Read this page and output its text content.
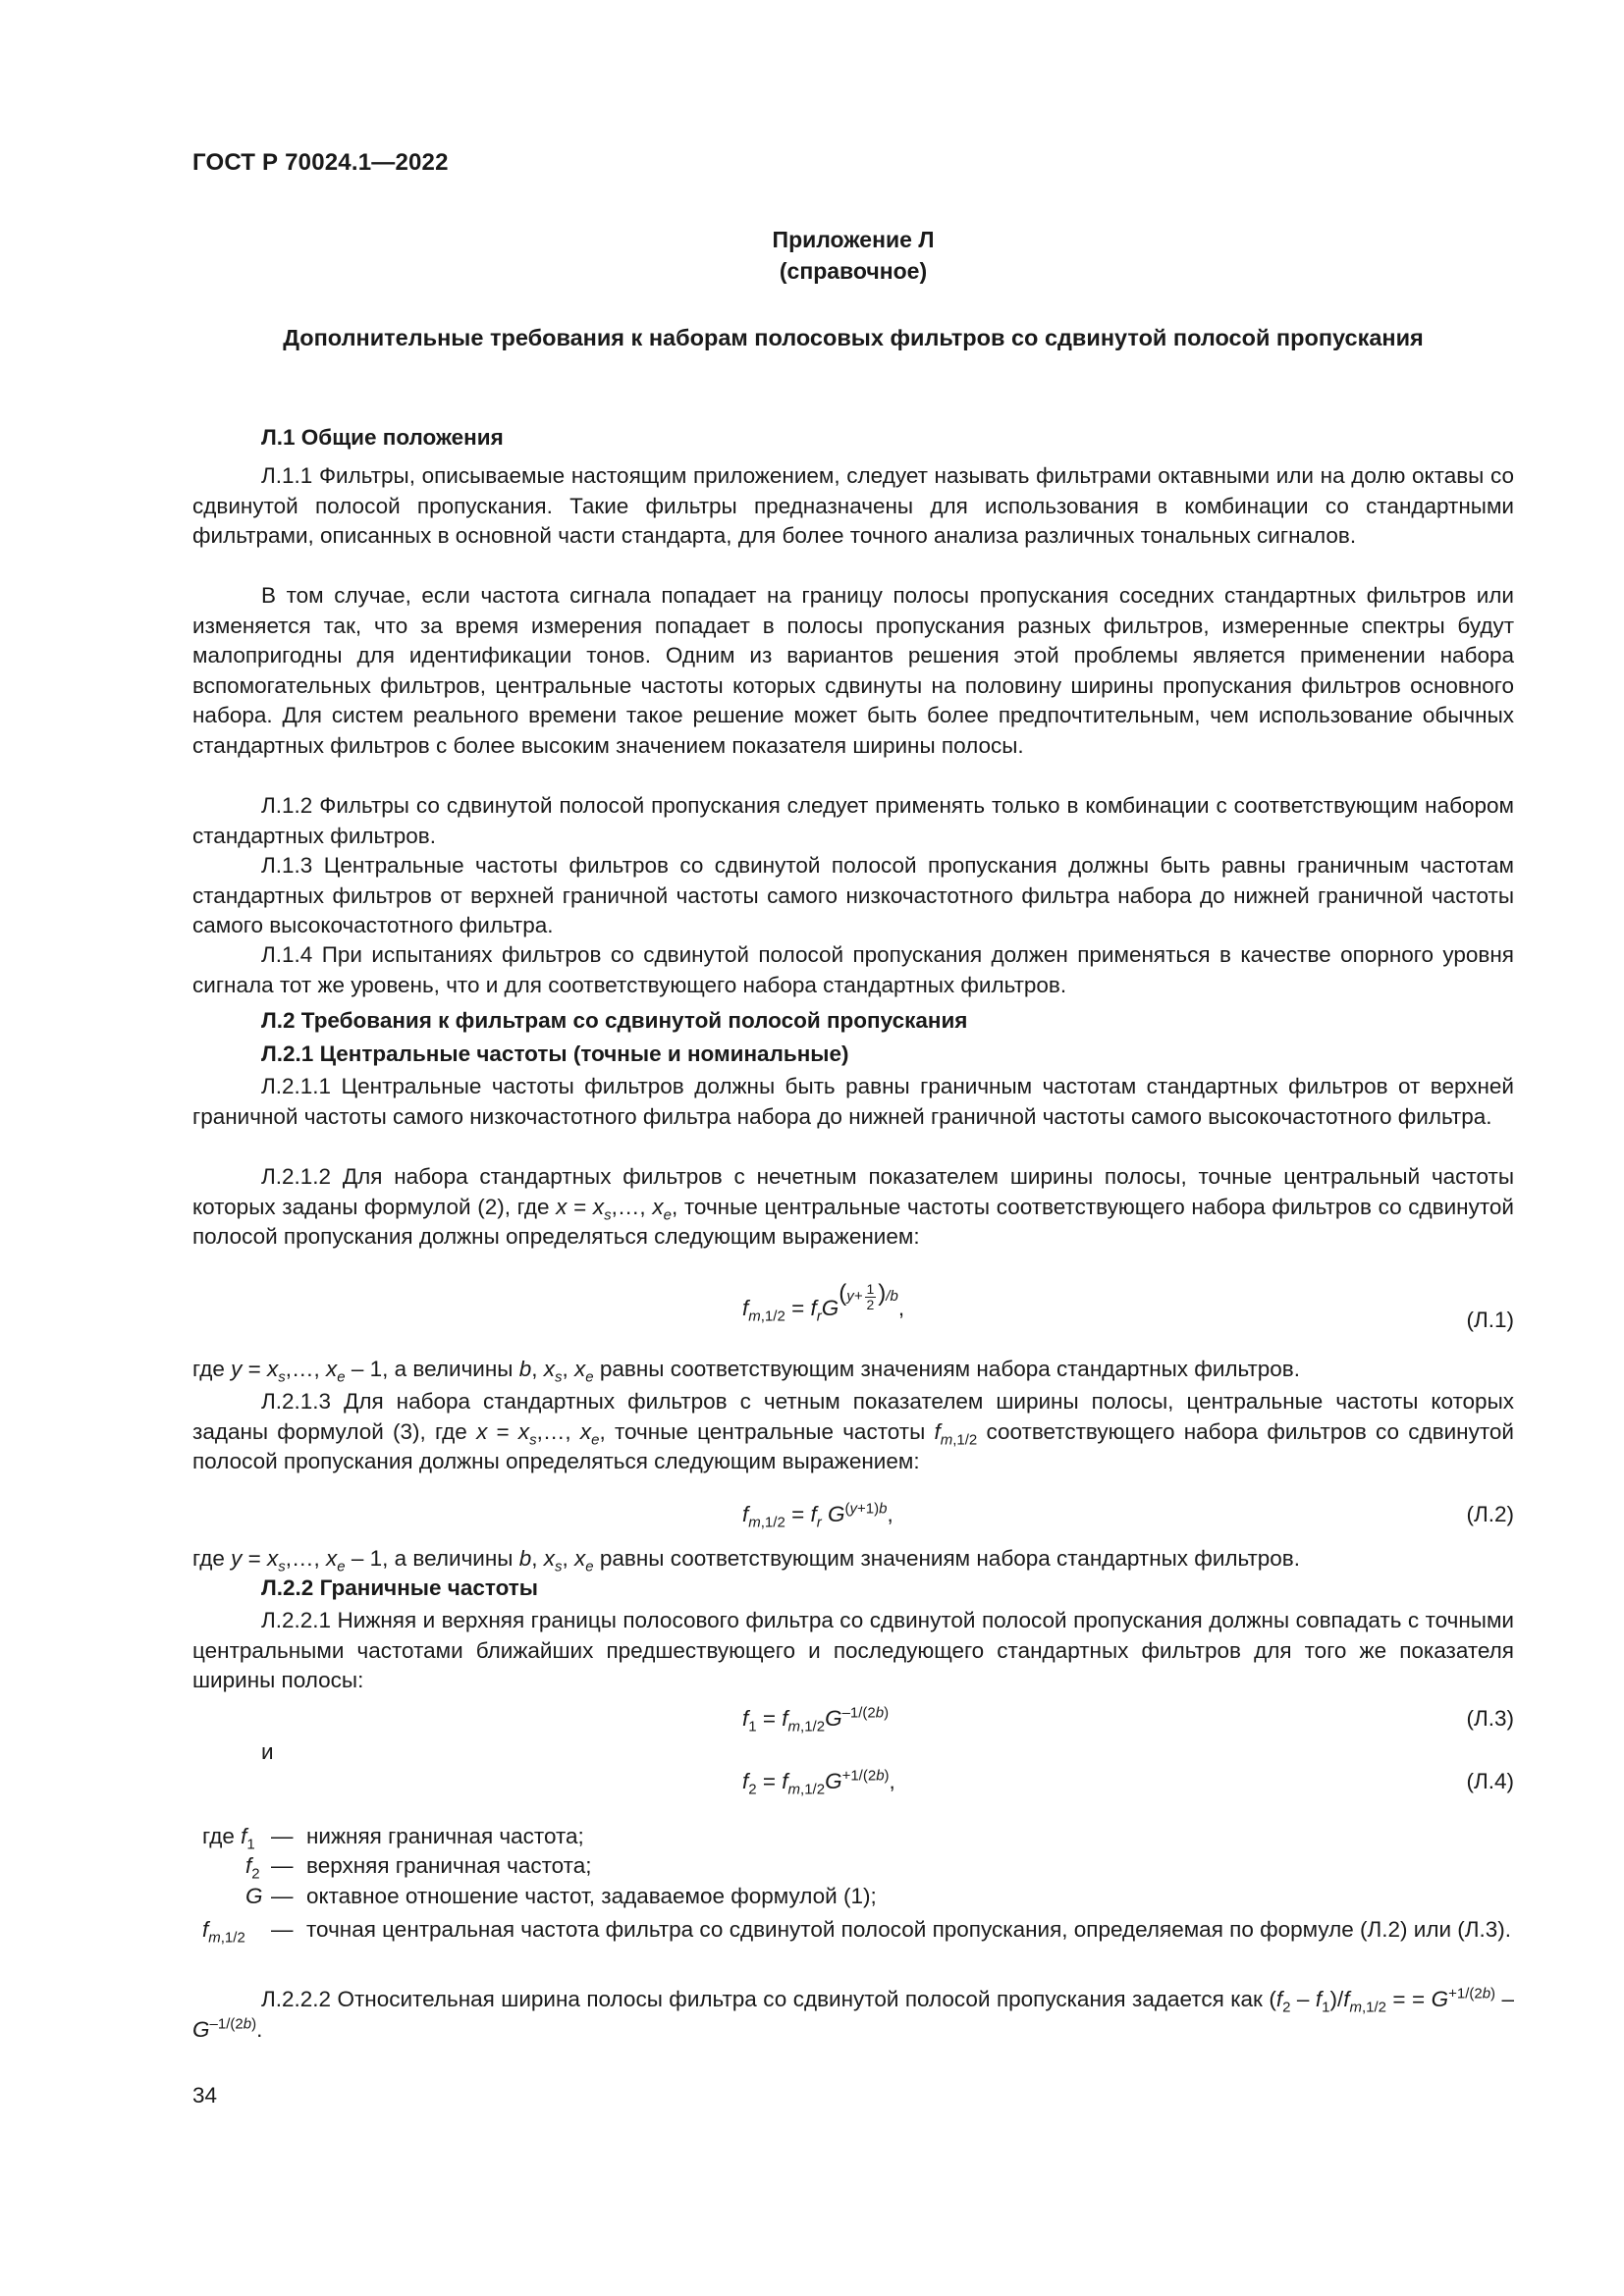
ГОСТ Р 70024.1—2022
Приложение Л
(справочное)
Дополнительные требования к наборам полосовых фильтров со сдвинутой полосой пропускания
Л.1 Общие положения
Л.1.1 Фильтры, описываемые настоящим приложением, следует называть фильтрами октавными или на долю октавы со сдвинутой полосой пропускания. Такие фильтры предназначены для использования в комбинации со стандартными фильтрами, описанных в основной части стандарта, для более точного анализа различных тональных сигналов.
В том случае, если частота сигнала попадает на границу полосы пропускания соседних стандартных фильтров или изменяется так, что за время измерения попадает в полосы пропускания разных фильтров, измеренные спектры будут малопригодны для идентификации тонов. Одним из вариантов решения этой проблемы является применении набора вспомогательных фильтров, центральные частоты которых сдвинуты на половину ширины пропускания фильтров основного набора. Для систем реального времени такое решение может быть более предпочтительным, чем использование обычных стандартных фильтров с более высоким значением показателя ширины полосы.
Л.1.2 Фильтры со сдвинутой полосой пропускания следует применять только в комбинации с соответствующим набором стандартных фильтров.
Л.1.3 Центральные частоты фильтров со сдвинутой полосой пропускания должны быть равны граничным частотам стандартных фильтров от верхней граничной частоты самого низкочастотного фильтра набора до нижней граничной частоты самого высокочастотного фильтра.
Л.1.4 При испытаниях фильтров со сдвинутой полосой пропускания должен применяться в качестве опорного уровня сигнала тот же уровень, что и для соответствующего набора стандартных фильтров.
Л.2 Требования к фильтрам со сдвинутой полосой пропускания
Л.2.1 Центральные частоты (точные и номинальные)
Л.2.1.1 Центральные частоты фильтров должны быть равны граничным частотам стандартных фильтров от верхней граничной частоты самого низкочастотного фильтра набора до нижней граничной частоты самого высокочастотного фильтра.
Л.2.1.2 Для набора стандартных фильтров с нечетным показателем ширины полосы, точные центральный частоты которых заданы формулой (2), где $x = x_s,\dots$, $x_e$, точные центральные частоты соответствующего набора фильтров со сдвинутой полосой пропускания должны определяться следующим выражением:
$f_{m,1/2} = f_rG^{(y+ \frac{1}{2} )/b}$,	(Л.1)
где $y = x_s,\dots$, $x_e - 1$, а величины b, $x_s$, $x_e$ равны соответствующим значениям набора стандартных фильтров.
Л.2.1.3 Для набора стандартных фильтров с четным показателем ширины полосы, центральные частоты которых заданы формулой (3), где $x = x_s,\dots$, $x_e$, точные центральные частоты $f_{m,1/2}$ соответствующего набора фильтров со сдвинутой полосой пропускания должны определяться следующим выражением:
$f_{m,1/2} = f_r$ $G^{(y+1)b}$,	(Л.2)
где $y = x_s,\dots$, $x_e - 1$, а величины b, $x_s$, $x_e$ равны соответствующим значениям набора стандартных фильтров.
Л.2.2 Граничные частоты
Л.2.2.1 Нижняя и верхняя границы полосового фильтра со сдвинутой полосой пропускания должны совпадать с точными центральными частотами ближайших предшествующего и последующего стандартных фильтров для того же показателя ширины полосы:
$f_1 = f_{m,1/2}G^{-1/(2b)}$	(Л.3)
и
$f_2 = f_{m,1/2}G^{+1/(2b)}$,	(Л.4)
где $f_1$ — нижняя граничная частота;
$f_2$ — верхняя граничная частота;
G — октавное отношение частот, задаваемое формулой (1);
$f_{m,1/2}$ — точная центральная частота фильтра со сдвинутой полосой пропускания, определяемая по формуле (Л.2) или (Л.3).
Л.2.2.2 Относительная ширина полосы фильтра со сдвинутой полосой пропускания задается как $(f_2 - f_1)/f_{m,1/2}$ = = $G^{+1/(2b)} - G^{-1/(2b)}$.
34
